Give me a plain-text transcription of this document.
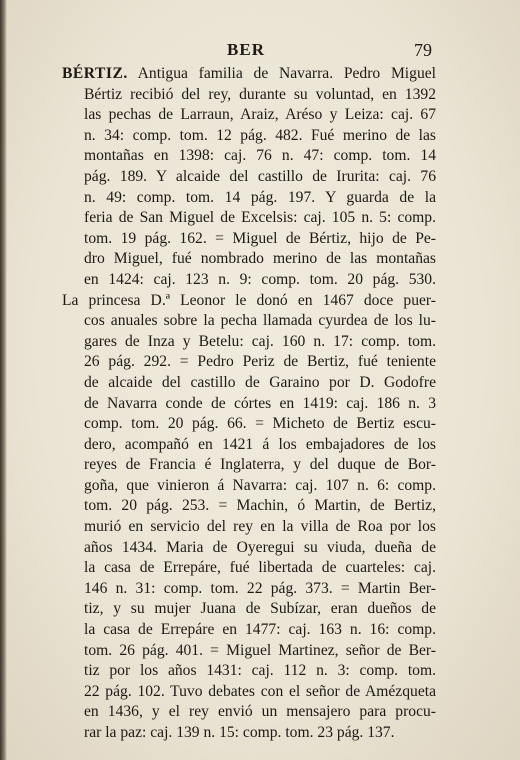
BER	79
BÉRTIZ. Antigua familia de Navarra. Pedro Miguel
Bértiz recibió del rey, durante su voluntad, en 1392
las pechas de Larraun, Araiz, Aréso y Leiza: caj. 67
n. 34: comp. tom. 12 pág. 482. Fué merino de las
montañas en 1398: caj. 76 n. 47: comp. tom. 14
pág. 189. Y alcaide del castillo de Irurita: caj. 76
n. 49: comp. tom. 14 pág. 197. Y guarda de la
feria de San Miguel de Excelsis: caj. 105 n. 5: comp.
tom. 19 pág. 162. = Miguel de Bértiz, hijo de Pe-
dro Miguel, fué nombrado merino de las montañas
en 1424: caj. 123 n. 9: comp. tom. 20 pág. 530.
La princesa D.ª Leonor le donó en 1467 doce puer-
cos anuales sobre la pecha llamada cyurdea de los lu-
gares de Inza y Betelu: caj. 160 n. 17: comp. tom.
26 pág. 292. = Pedro Periz de Bertiz, fué teniente
de alcaide del castillo de Garaino por D. Godofre
de Navarra conde de córtes en 1419: caj. 186 n. 3
comp. tom. 20 pág. 66. = Micheto de Bertiz escu-
dero, acompañó en 1421 á los embajadores de los
reyes de Francia é Inglaterra, y del duque de Bor-
goña, que vinieron á Navarra: caj. 107 n. 6: comp.
tom. 20 pág. 253. = Machin, ó Martin, de Bertiz,
murió en servicio del rey en la villa de Roa por los
años 1434. Maria de Oyeregui su viuda, dueña de
la casa de Errepáre, fué libertada de cuarteles: caj.
146 n. 31: comp. tom. 22 pág. 373. = Martin Ber-
tiz, y su mujer Juana de Subízar, eran dueños de
la casa de Errepáre en 1477: caj. 163 n. 16: comp.
tom. 26 pág. 401. = Miguel Martinez, señor de Ber-
tiz por los años 1431: caj. 112 n. 3: comp. tom.
22 pág. 102. Tuvo debates con el señor de Amézqueta
en 1436, y el rey envió un mensajero para procu-
rar la paz: caj. 139 n. 15: comp. tom. 23 pág. 137.
